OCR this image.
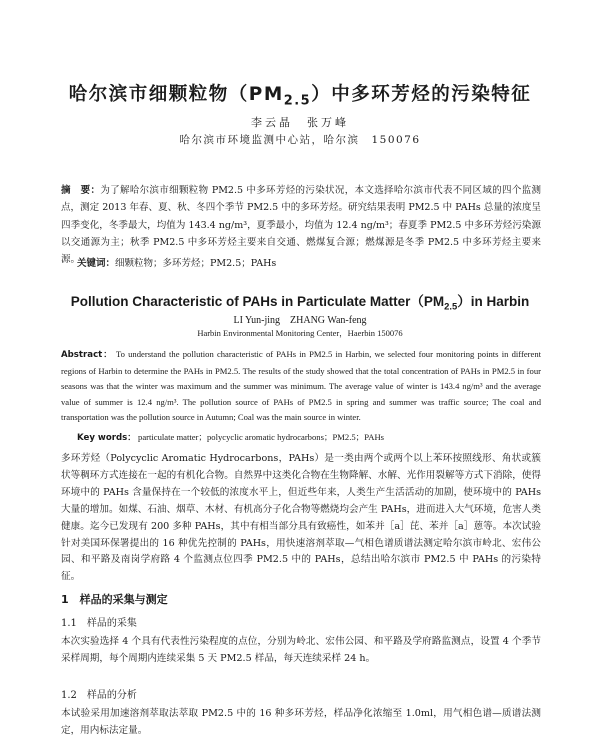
哈尔滨市细颗粒物$(PM_{2.5})$中多环芳烃的污染特征
李云晶　张万峰
哈尔滨市环境监测中心站，哈尔滨　150076
摘　要：为了解哈尔滨市细颗粒物 PM2.5 中多环芳烃的污染状况，本文选择哈尔滨市代表不同区域的四个监测点，测定 2013 年春、夏、秋、冬四个季节 PM2.5 中的多环芳烃。研究结果表明 PM2.5 中 PAHs 总量的浓度呈四季变化，冬季最大，均值为 143.4 ng/m³，夏季最小，均值为 12.4 ng/m³；春夏季 PM2.5 中多环芳烃污染源以交通源为主；秋季 PM2.5 中多环芳烃主要来自交通、燃煤复合源；燃煤源是冬季 PM2.5 中多环芳烃主要来源。
关键词：细颗粒物；多环芳烃；PM2.5；PAHs
Pollution Characteristic of PAHs in Particulate $Matter(PM_{2.5})in$ Harbin
LI Yun-jing　ZHANG Wan-feng
Harbin Environmental Monitoring Center，Haerbin 150076
Abstract： To understand the pollution characteristic of PAHs in PM2.5 in Harbin, we selected four monitoring points in different regions of Harbin to determine the PAHs in PM2.5. The results of the study showed that the total concentration of PAHs in PM2.5 in four seasons was that the winter was maximum and the summer was minimum. The average value of winter is 143.4 ng/m³ and the average value of summer is 12.4 ng/m³. The pollution source of PAHs of PM2.5 in spring and summer was traffic source; The coal and transportation was the pollution source in Autumn; Coal was the main source in winter.
Key words： particulate matter；polycyclic aromatic hydrocarbons；PM2.5；PAHs
多环芳烃（Polycyclic Aromatic Hydrocarbons，PAHs）是一类由两个或两个以上苯环按照线形、角状或簇状等稠环方式连接在一起的有机化合物。自然界中这类化合物在生物降解、水解、光作用裂解等方式下消除，使得环境中的 PAHs 含量保持在一个较低的浓度水平上，但近些年来，人类生产生活活动的加剧，使环境中的 PAHs 大量的增加。如煤、石油、烟草、木材、有机高分子化合物等燃烧均会产生 PAHs，进而进入大气环境，危害人类健康。迄今已发现有 200 多种 PAHs，其中有相当部分具有致癌性，如苯并［a］芘、苯并［a］蒽等。本次试验针对美国环保署提出的 16 种优先控制的 PAHs，用快速溶剂萃取—气相色谱质谱法测定哈尔滨市岭北、宏伟公园、和平路及南岗学府路 4 个监测点位四季 PM2.5 中的 PAHs，总结出哈尔滨市 PM2.5 中 PAHs 的污染特征。
1　样品的采集与测定
1.1　样品的采集
本次实验选择 4 个具有代表性污染程度的点位，分别为岭北、宏伟公园、和平路及学府路监测点，设置 4 个季节采样周期，每个周期内连续采集 5 天 PM2.5 样品，每天连续采样 24 h。
1.2　样品的分析
本试验采用加速溶剂萃取法萃取 PM2.5 中的 16 种多环芳烃，样品净化浓缩至 1.0ml，用气相色谱—质谱法测定，用内标法定量。
